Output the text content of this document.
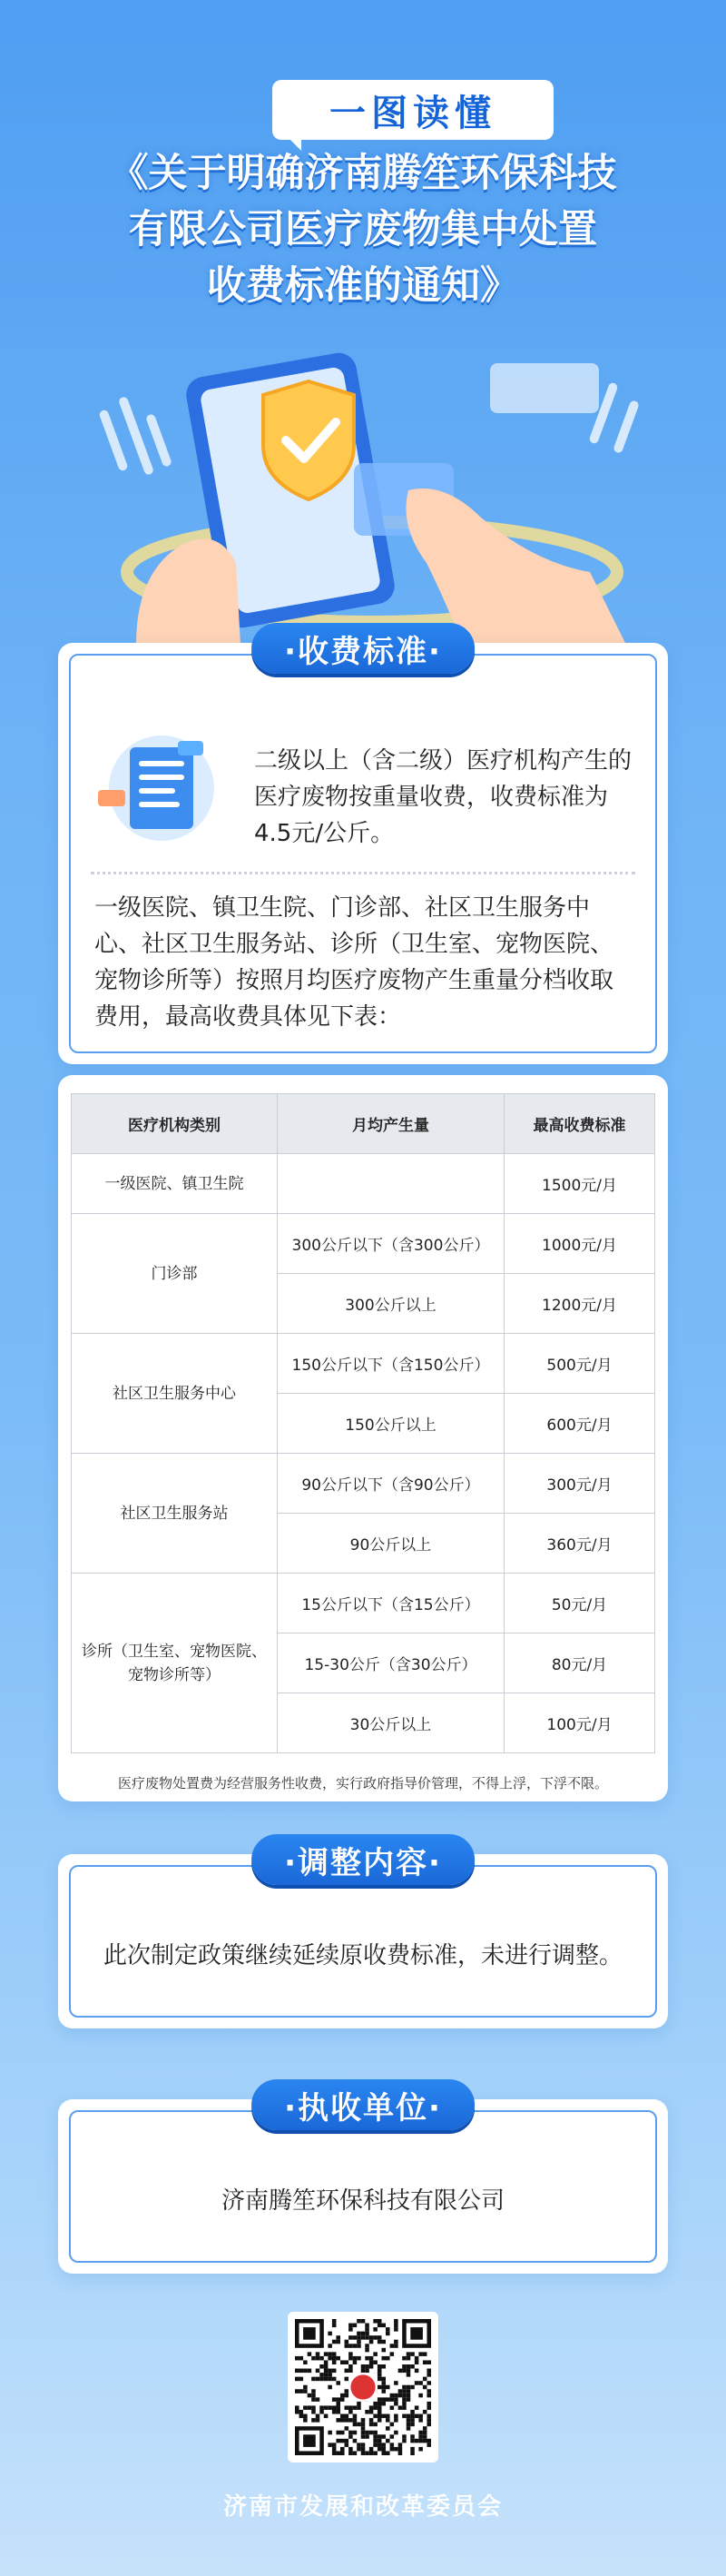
一图读懂
《关于明确济南腾笙环保科技
有限公司医疗废物集中处置
收费标准的通知》
·收费标准·
二级以上（含二级）医疗机构产生的医疗废物按重量收费，收费标准为4.5元/公斤。
一级医院、镇卫生院、门诊部、社区卫生服务中心、社区卫生服务站、诊所（卫生室、宠物医院、宠物诊所等）按照月均医疗废物产生重量分档收取费用，最高收费具体见下表：
医疗机构类别	月均产生量	最高收费标准
一级医院、镇卫生院		1500元/月
门诊部	300公斤以下（含300公斤）	1000元/月
	300公斤以上	1200元/月
社区卫生服务中心	150公斤以下（含150公斤）	500元/月
	150公斤以上	600元/月
社区卫生服务站	90公斤以下（含90公斤）	300元/月
	90公斤以上	360元/月
诊所（卫生室、宠物医院、宠物诊所等）	15公斤以下（含15公斤）	50元/月
	15-30公斤（含30公斤）	80元/月
	30公斤以上	100元/月
医疗废物处置费为经营服务性收费，实行政府指导价管理，不得上浮，下浮不限。
·调整内容·
此次制定政策继续延续原收费标准，未进行调整。
·执收单位·
济南腾笙环保科技有限公司
济南市发展和改革委员会
